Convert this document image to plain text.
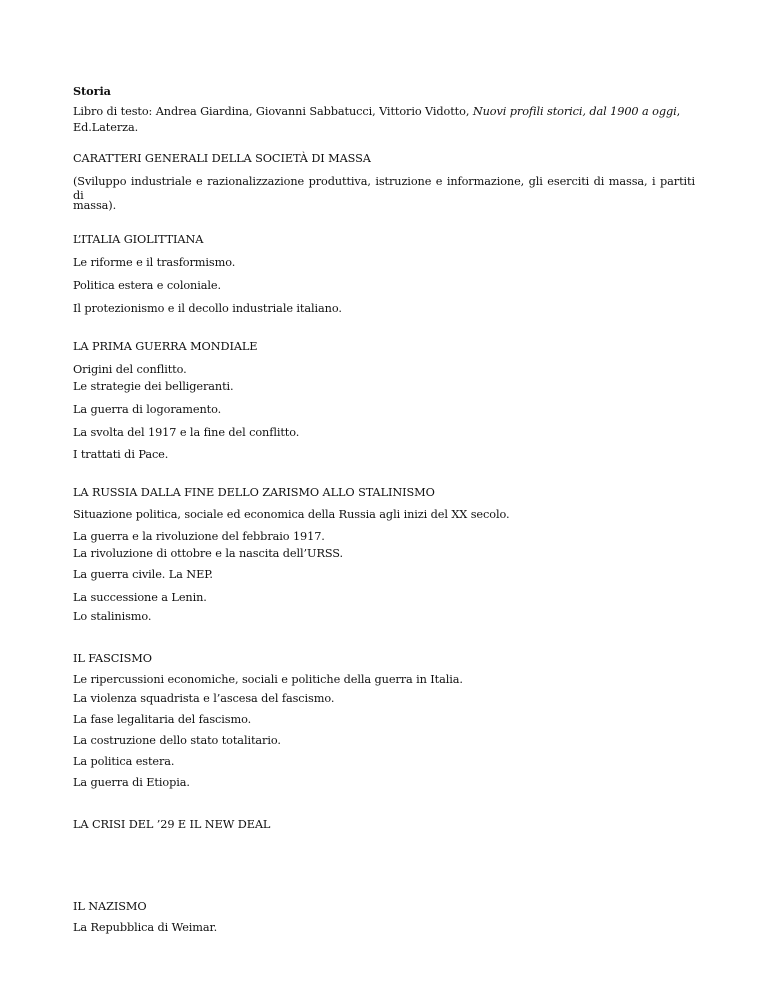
Storia
Libro di testo: Andrea Giardina, Giovanni Sabbatucci, Vittorio Vidotto, Nuovi profili storici, dal 1900 a oggi,
Ed.Laterza.
CARATTERI GENERALI DELLA SOCIETÀ DI MASSA
(Sviluppo industriale e razionalizzazione produttiva, istruzione e informazione, gli eserciti di massa, i partiti di
massa).
L’ITALIA GIOLITTIANA
Le riforme e il trasformismo.
Politica estera e coloniale.
Il protezionismo e il decollo industriale italiano.
LA PRIMA GUERRA MONDIALE
Origini del conflitto.
Le strategie dei belligeranti.
La guerra di logoramento.
La svolta del 1917 e la fine del conflitto.
I trattati di Pace.
LA RUSSIA DALLA FINE DELLO ZARISMO ALLO STALINISMO
Situazione politica, sociale ed economica della Russia agli inizi del XX secolo.
La guerra e la rivoluzione del febbraio 1917.
La rivoluzione di ottobre e la nascita dell’URSS.
La guerra civile. La NEP.
La successione a Lenin.
Lo stalinismo.
IL FASCISMO
Le ripercussioni economiche, sociali e politiche della guerra in Italia.
La violenza squadrista e l’ascesa del fascismo.
La fase legalitaria del fascismo.
La costruzione dello stato totalitario.
La politica estera.
La guerra di Etiopia.
LA CRISI DEL ’29 E IL NEW DEAL
IL NAZISMO
La Repubblica di Weimar.
